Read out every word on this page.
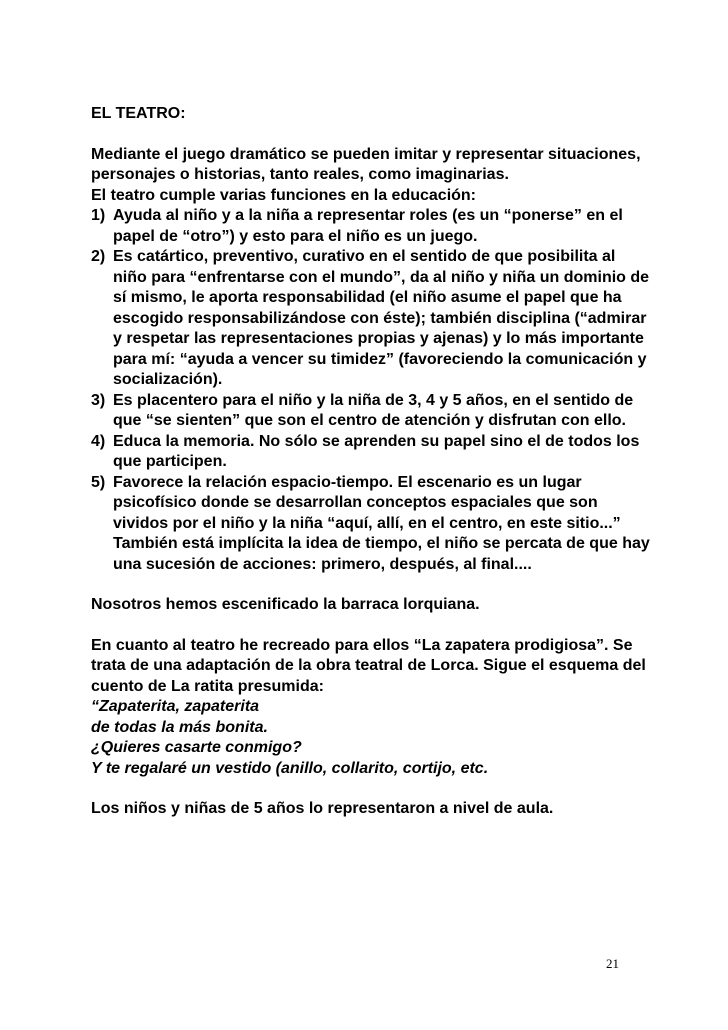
EL TEATRO:

Mediante el juego dramático se pueden imitar y representar situaciones, personajes o historias, tanto reales, como imaginarias.

El teatro cumple varias funciones en la educación:

1) Ayuda al niño y a la niña a representar roles (es un “ponerse” en el papel de “otro”) y esto para el niño es un juego.
2) Es catártico, preventivo, curativo en el sentido de que posibilita al niño para “enfrentarse con el mundo”, da al niño y niña un dominio de sí mismo, le aporta responsabilidad (el niño asume el papel que ha escogido responsabilizándose con éste); también disciplina (“admirar y respetar las representaciones propias y ajenas) y lo más importante para mí: “ayuda a vencer su timidez” (favoreciendo la comunicación y socialización).
3) Es placentero para el niño y la niña de 3, 4 y 5 años, en el sentido de que “se sienten” que son el centro de atención y disfrutan con ello.
4) Educa la memoria. No sólo se aprenden su papel sino el de todos los que participen.
5) Favorece la relación espacio-tiempo. El escenario es un lugar psicofísico donde se desarrollan conceptos espaciales que son vividos por el niño y la niña “aquí, allí, en el centro, en este sitio...” También está implícita la idea de tiempo, el niño se percata de que hay una sucesión de acciones: primero, después, al final....

Nosotros hemos escenificado la barraca lorquiana.

En cuanto al teatro he recreado para ellos “La zapatera prodigiosa”. Se trata de una adaptación de la obra teatral de Lorca. Sigue el esquema del cuento de La ratita presumida:

“Zapaterita, zapaterita
de todas la más bonita.
¿Quieres casarte conmigo?
Y te regalaré un vestido (anillo, collarito, cortijo, etc.

Los niños y niñas de 5 años lo representaron a nivel de aula.

21
